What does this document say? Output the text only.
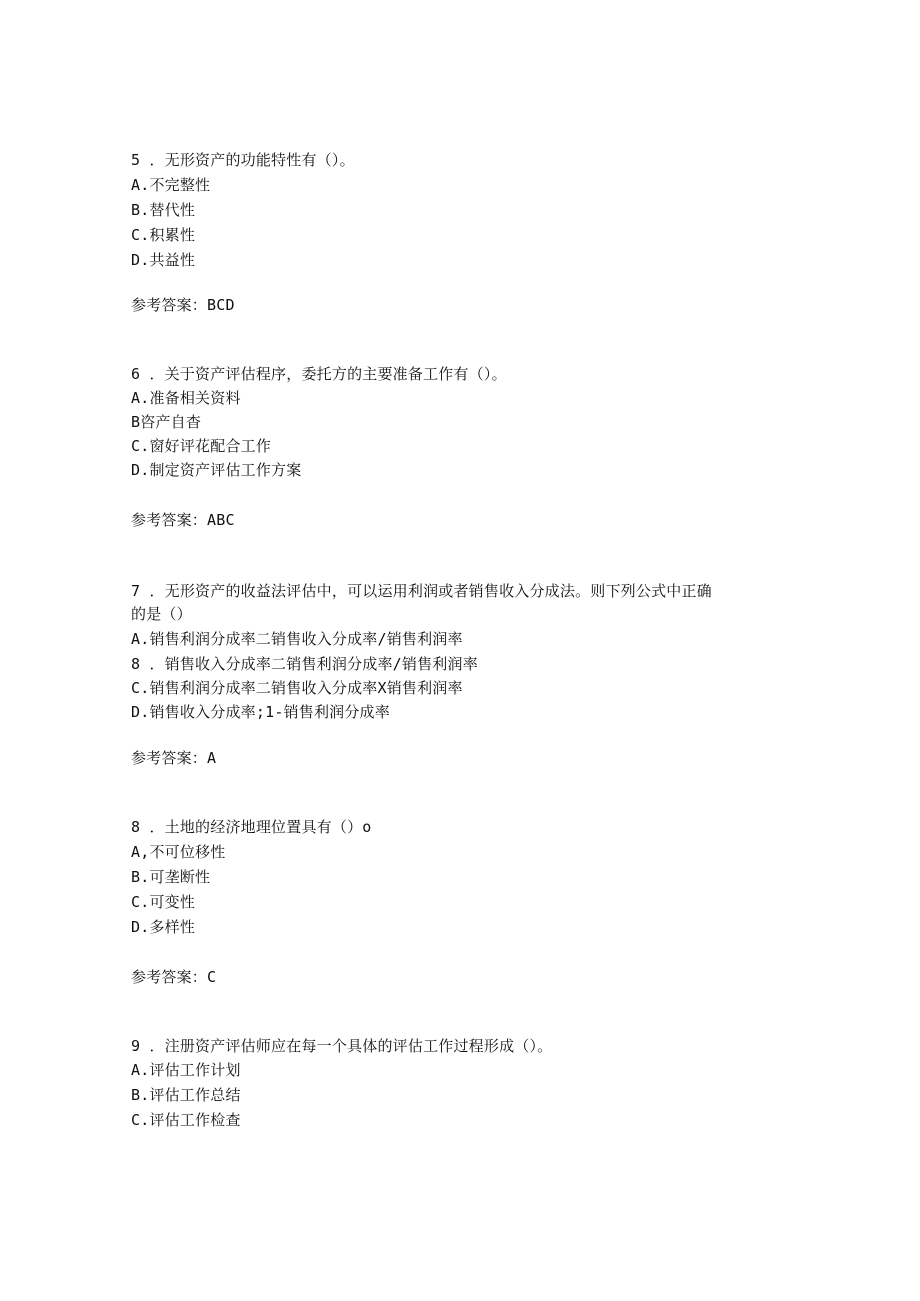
5 ．无形资产的功能特性有（）。
A.不完整性
B.替代性
C.积累性
D.共益性
参考答案：BCD
6 ．关于资产评估程序，委托方的主要准备工作有（）。
A.准备相关资料
B咨产自杳
C.窗好评花配合工作
D.制定资产评估工作方案
参考答案：ABC
7 ．无形资产的收益法评估中，可以运用利润或者销售收入分成法。则下列公式中正确
的是（）
A.销售利润分成率二销售收入分成率/销售利润率
8 ．销售收入分成率二销售利润分成率/销售利润率
C.销售利润分成率二销售收入分成率X销售利润率
D.销售收入分成率;1-销售利润分成率
参考答案：A
8 ．土地的经济地理位置具有（）o
A,不可位移性
B.可垄断性
C.可变性
D.多样性
参考答案：C
9 ．注册资产评估师应在每一个具体的评估工作过程形成（）。
A.评估工作计划
B.评估工作总结
C.评估工作检查
